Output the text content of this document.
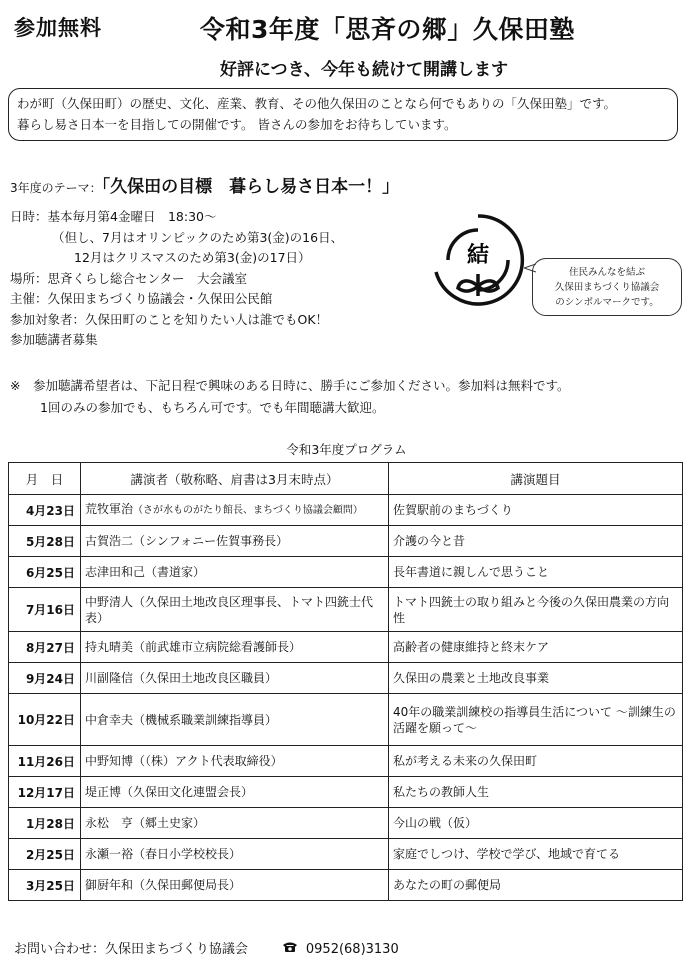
参加無料	令和3年度「思斉の郷」久保田塾
好評につき、今年も続けて開講します
わが町（久保田町）の歴史、文化、産業、教育、その他久保田のことなら何でもありの「久保田塾」です。
暮らし易さ日本一を目指しての開催です。 皆さんの参加をお待ちしています。
3年度のテーマ：「久保田の目標　暮らし易さ日本一！」
日時：基本毎月第4金曜日　18:30～
（但し、7月はオリンピックのため第3(金)の16日、
12月はクリスマスのため第3(金)の17日）
場所：思斉くらし総合センター　大会議室
主催：久保田まちづくり協議会・久保田公民館
参加対象者：久保田町のことを知りたい人は誰でもOK！
参加聴講者募集
※　参加聴講希望者は、下記日程で興味のある日時に、勝手にご参加ください。参加料は無料です。
1回のみの参加でも、もちろん可です。でも年間聴講大歓迎。
結
住民みんなを結ぶ
久保田まちづくり協議会
のシンボルマークです。
令和3年度プログラム
月　日	講演者（敬称略、肩書は3月末時点）	講演題目
4月23日	荒牧軍治（さが水ものがたり館長、まちづくり協議会顧問）	佐賀駅前のまちづくり
5月28日	古賀浩二（シンフォニー佐賀事務長）	介護の今と昔
6月25日	志津田和己（書道家）	長年書道に親しんで思うこと
7月16日	中野清人（久保田土地改良区理事長、トマト四銃士代表）	トマト四銃士の取り組みと今後の久保田農業の方向性
8月27日	持丸晴美（前武雄市立病院総看護師長）	高齢者の健康維持と終末ケア
9月24日	川副隆信（久保田土地改良区職員）	久保田の農業と土地改良事業
10月22日	中倉幸夫（機械系職業訓練指導員）	40年の職業訓練校の指導員生活について ～訓練生の活躍を願って～
11月26日	中野知博（（株）アクト代表取締役）	私が考える未来の久保田町
12月17日	堤正博（久保田文化連盟会長）	私たちの教師人生
1月28日	永松　亨（郷土史家）	今山の戦（仮）
2月25日	永瀬一裕（春日小学校校長）	家庭でしつけ、学校で学び、地域で育てる
3月25日	御厨年和（久保田郵便局長）	あなたの町の郵便局
お問い合わせ：久保田まちづくり協議会	0952(68)3130
